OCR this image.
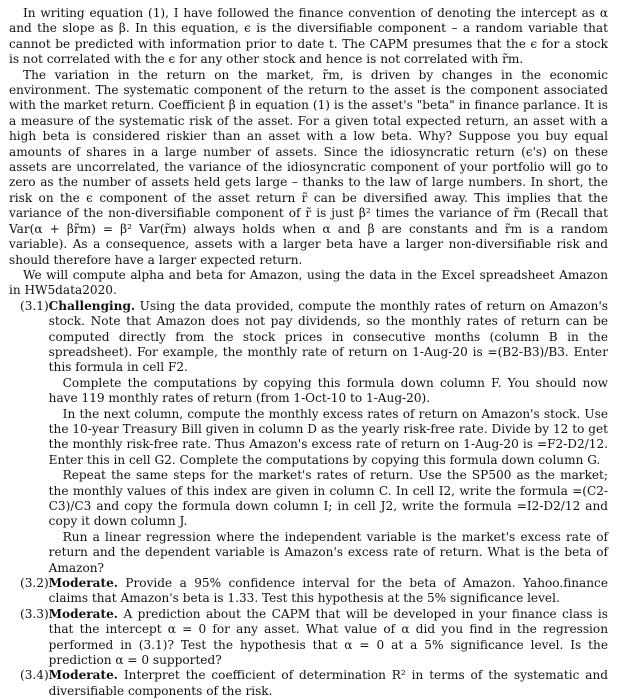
In writing equation (1), I have followed the finance convention of denoting the intercept as α and the slope as β. In this equation, ϵ is the diversifiable component – a random variable that cannot be predicted with information prior to date t. The CAPM presumes that the ϵ for a stock is not correlated with the ϵ for any other stock and hence is not correlated with r̃m.

The variation in the return on the market, r̃m, is driven by changes in the economic environment. The systematic component of the return to the asset is the component associated with the market return. Coefficient β in equation (1) is the asset's "beta" in finance parlance. It is a measure of the systematic risk of the asset. For a given total expected return, an asset with a high beta is considered riskier than an asset with a low beta. Why? Suppose you buy equal amounts of shares in a large number of assets. Since the idiosyncratic return (ϵ's) on these assets are uncorrelated, the variance of the idiosyncratic component of your portfolio will go to zero as the number of assets held gets large – thanks to the law of large numbers. In short, the risk on the ϵ component of the asset return r̃ can be diversified away. This implies that the variance of the non-diversifiable component of r̃ is just β² times the variance of r̃m (Recall that Var(α + βr̃m) = β² Var(r̃m) always holds when α and β are constants and r̃m is a random variable). As a consequence, assets with a larger beta have a larger non-diversifiable risk and should therefore have a larger expected return.

We will compute alpha and beta for Amazon, using the data in the Excel spreadsheet Amazon in HW5data2020.

(3.1) Challenging. Using the data provided, compute the monthly rates of return on Amazon's stock. Note that Amazon does not pay dividends, so the monthly rates of return can be computed directly from the stock prices in consecutive months (column B in the spreadsheet). For example, the monthly rate of return on 1-Aug-20 is =(B2-B3)/B3. Enter this formula in cell F2.

Complete the computations by copying this formula down column F. You should now have 119 monthly rates of return (from 1-Oct-10 to 1-Aug-20).

In the next column, compute the monthly excess rates of return on Amazon's stock. Use the 10-year Treasury Bill given in column D as the yearly risk-free rate. Divide by 12 to get the monthly risk-free rate. Thus Amazon's excess rate of return on 1-Aug-20 is =F2-D2/12. Enter this in cell G2. Complete the computations by copying this formula down column G.

Repeat the same steps for the market's rates of return. Use the SP500 as the market; the monthly values of this index are given in column C. In cell I2, write the formula =(C2-C3)/C3 and copy the formula down column I; in cell J2, write the formula =I2-D2/12 and copy it down column J.

Run a linear regression where the independent variable is the market's excess rate of return and the dependent variable is Amazon's excess rate of return. What is the beta of Amazon?

(3.2) Moderate. Provide a 95% confidence interval for the beta of Amazon. Yahoo.finance claims that Amazon's beta is 1.33. Test this hypothesis at the 5% significance level.

(3.3) Moderate. A prediction about the CAPM that will be developed in your finance class is that the intercept α = 0 for any asset. What value of α did you find in the regression performed in (3.1)? Test the hypothesis that α = 0 at a 5% significance level. Is the prediction α = 0 supported?

(3.4) Moderate. Interpret the coefficient of determination R² in terms of the systematic and diversifiable components of the risk.
